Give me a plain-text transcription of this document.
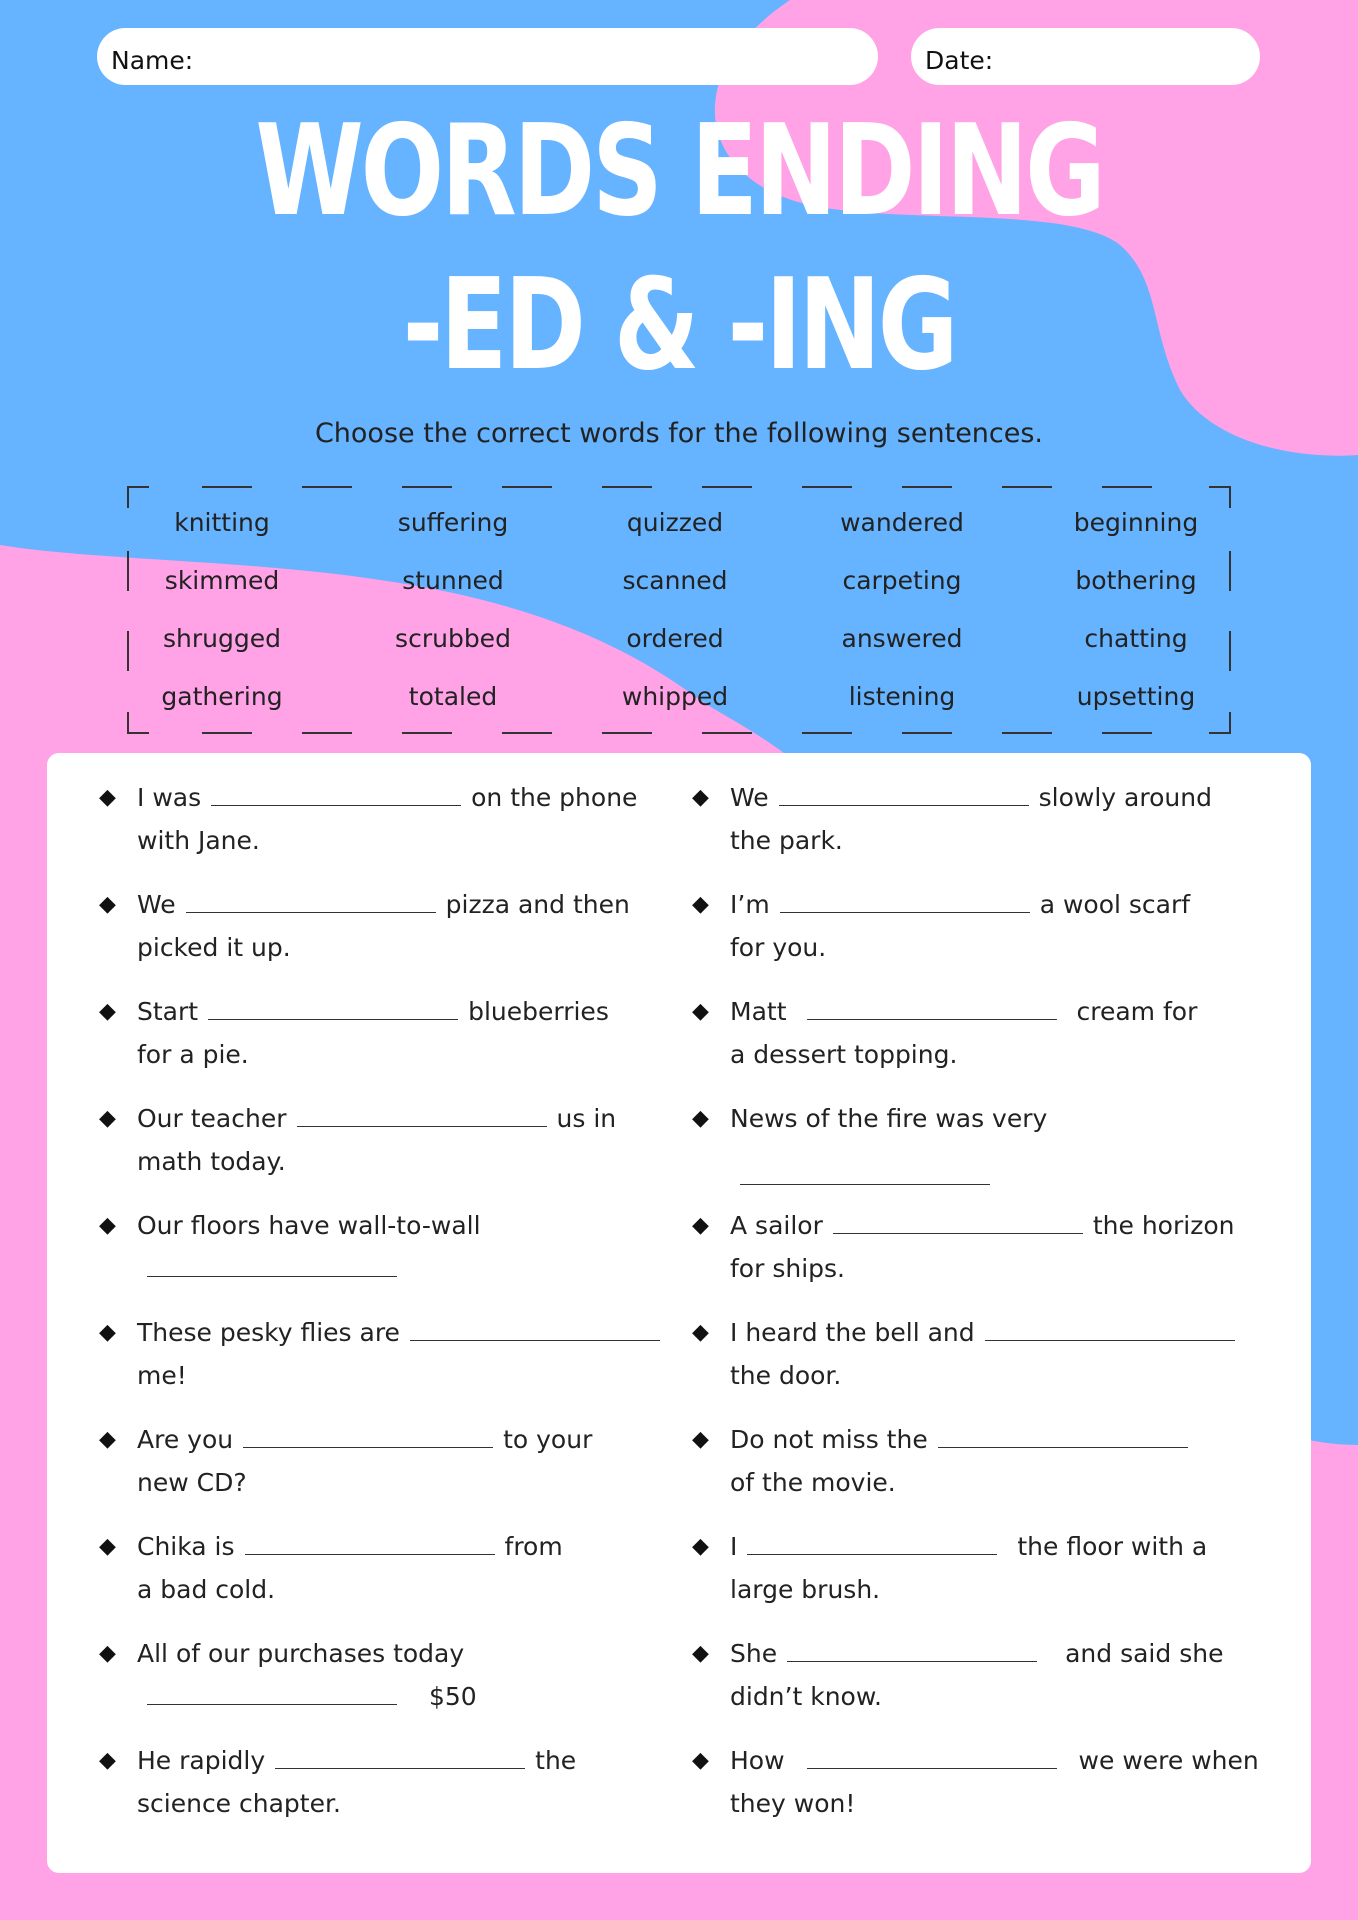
Name:	Date:
WORDS ENDING
-ED & -ING
Choose the correct words for the following sentences.
knitting	suffering	quizzed	wandered	beginning
skimmed	stunned	scanned	carpeting	bothering
shrugged	scrubbed	ordered	answered	chatting
gathering	totaled	whipped	listening	upsetting
◆ I was	on the phone
with Jane.
◆ We	pizza and then
picked it up.
◆ Start	blueberries
for a pie.
◆ Our teacher	us in
math today.
◆ Our floors have wall-to-wall

◆ These pesky flies are
me!
◆ Are you	to your
new CD?
◆ Chika is	from
a bad cold.
◆ All of our purchases today
$50
◆ He rapidly	the
science chapter.
◆ We	slowly around
the park.
◆ I’m	a wool scarf
for you.
◆ Matt	cream for
a dessert topping.
◆ News of the fire was very

◆ A sailor	the horizon
for ships.
◆ I heard the bell and
the door.
◆ Do not miss the
of the movie.
◆ I	the floor with a
large brush.
◆ She	and said she
didn’t know.
◆ How	we were when
they won!
